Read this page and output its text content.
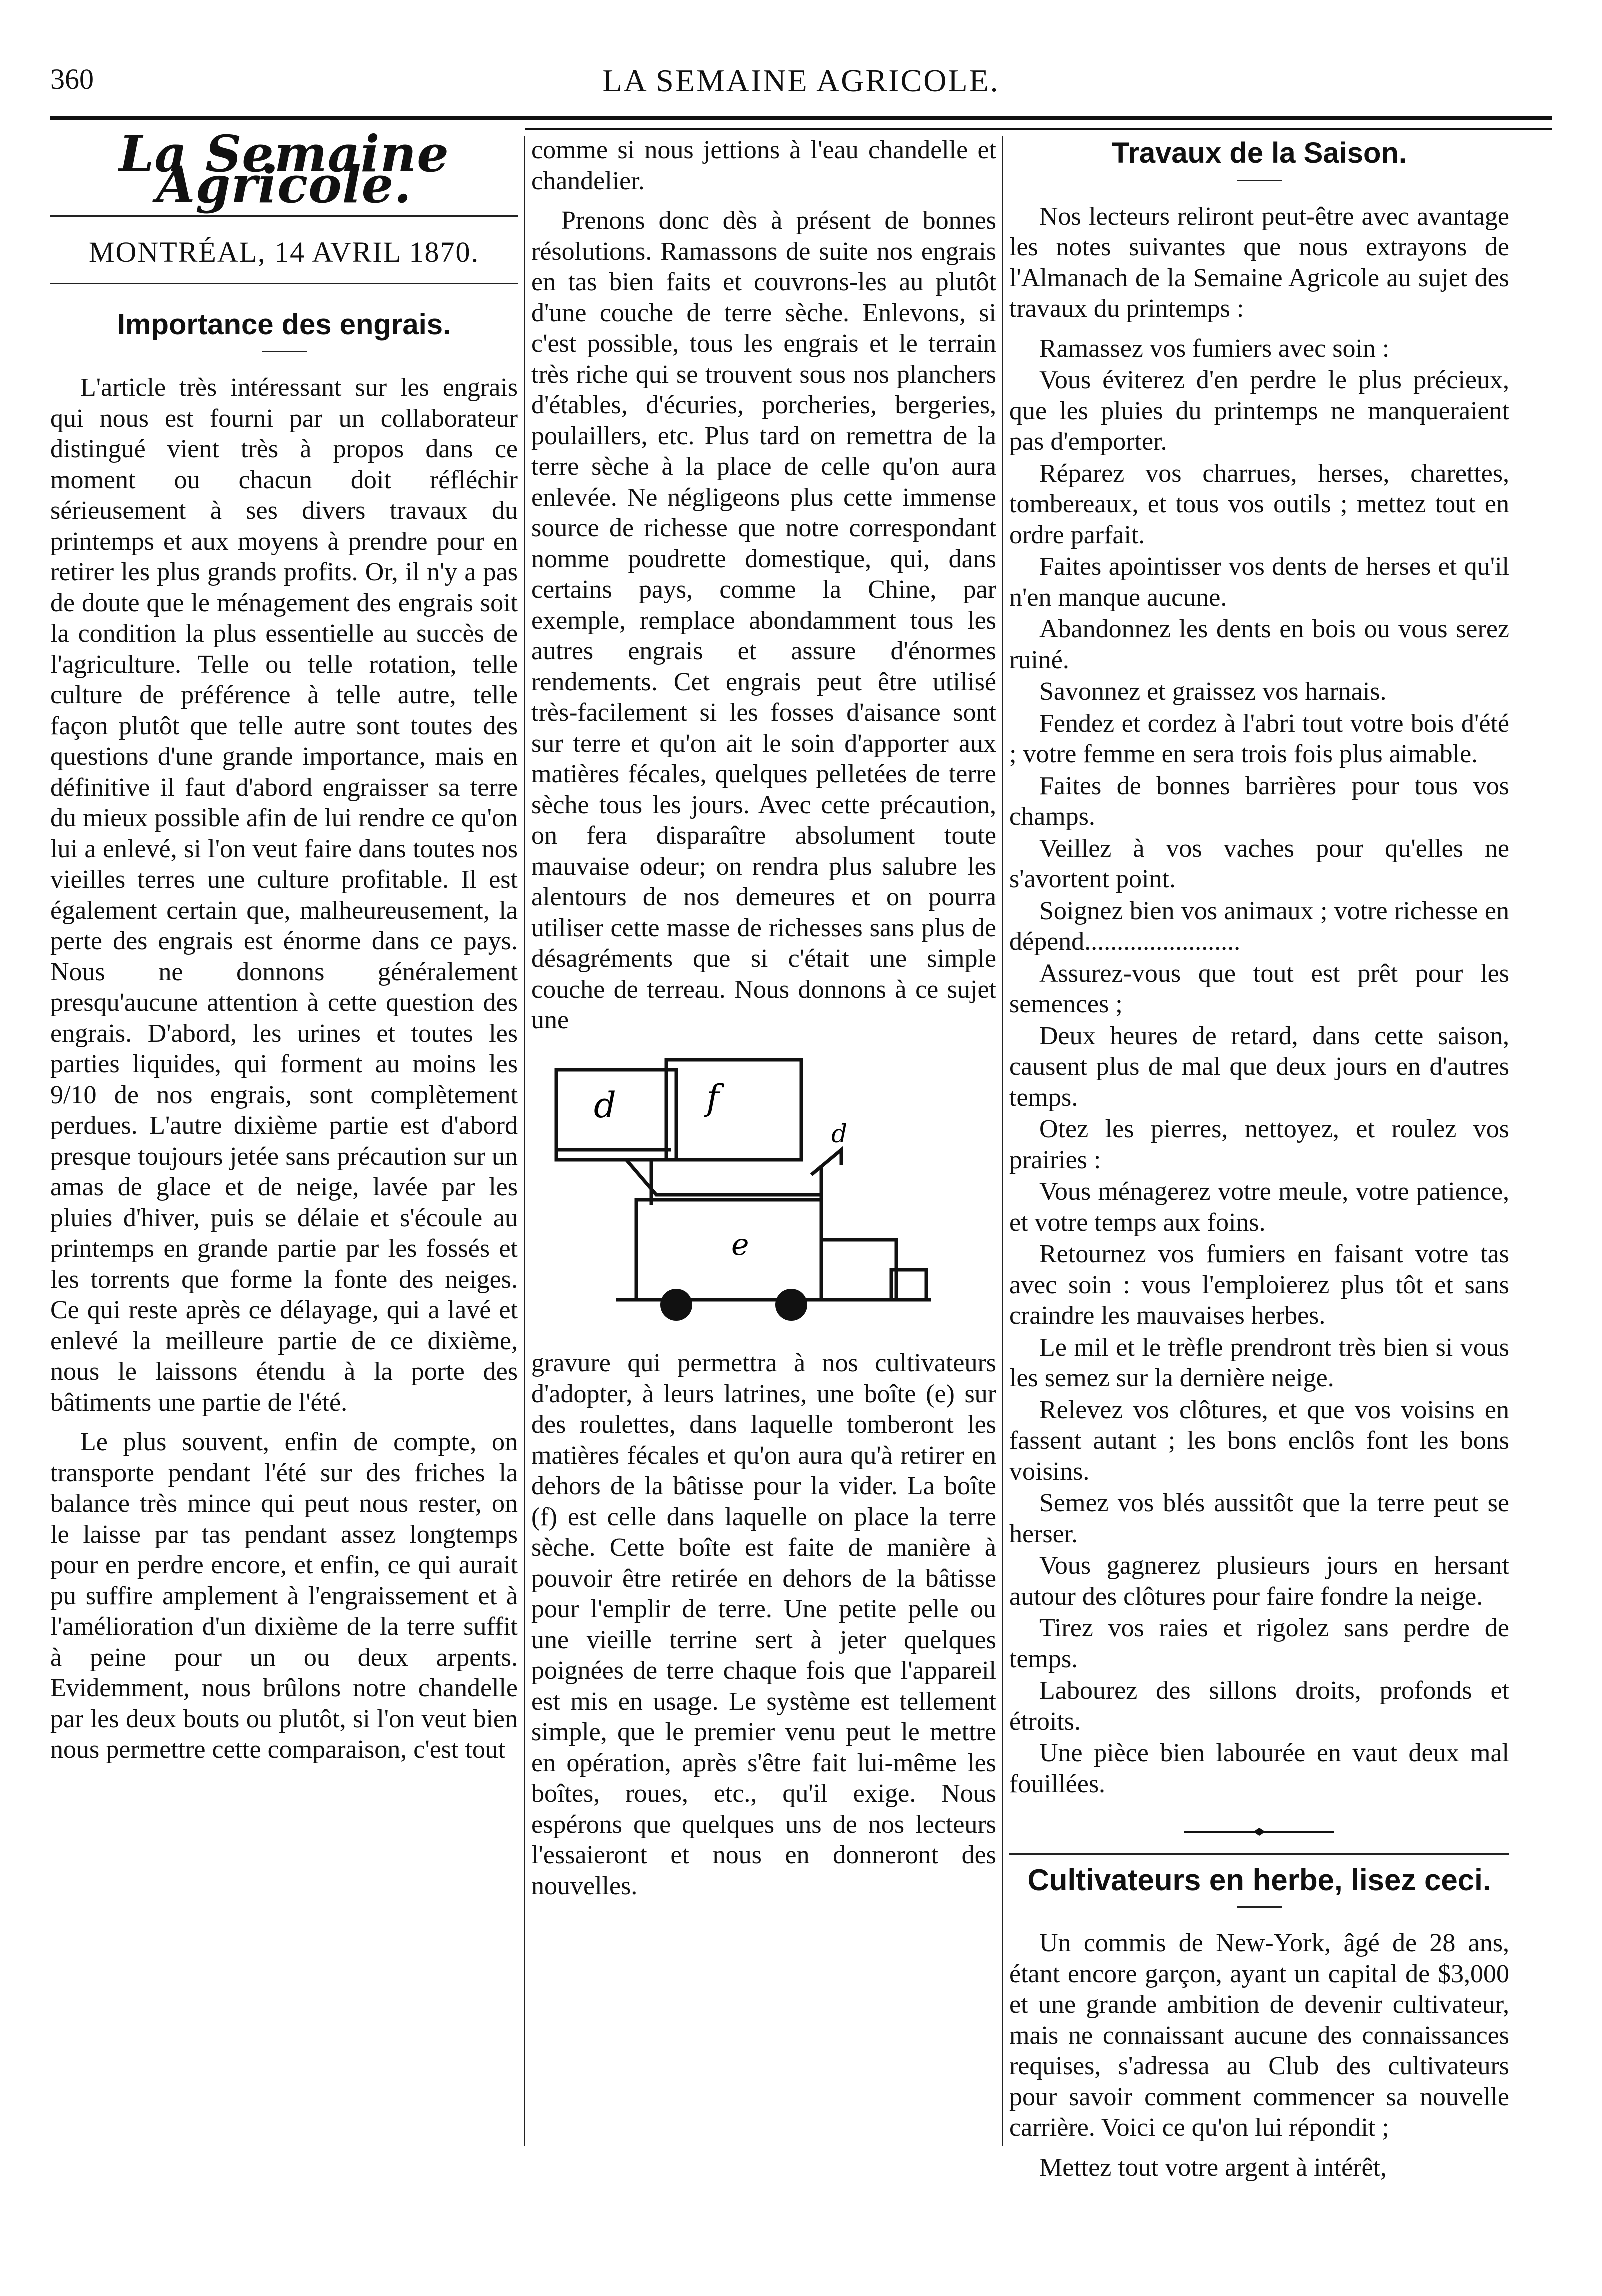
360	LA SEMAINE AGRICOLE.
La Semaine Agricole.
MONTRÉAL, 14 AVRIL 1870.
Importance des engrais.

L'article très intéressant sur les engrais qui nous est fourni par un collaborateur distingué vient très à propos dans ce moment ou chacun doit réfléchir sérieusement à ses divers travaux du printemps et aux moyens à prendre pour en retirer les plus grands profits. Or, il n'y a pas de doute que le ménagement des engrais soit la condition la plus essentielle au succès de l'agriculture. Telle ou telle rotation, telle culture de préférence à telle autre, telle façon plutôt que telle autre sont toutes des questions d'une grande importance, mais en définitive il faut d'abord engraisser sa terre du mieux possible afin de lui rendre ce qu'on lui a enlevé, si l'on veut faire dans toutes nos vieilles terres une culture profitable. Il est également certain que, malheureusement, la perte des engrais est énorme dans ce pays. Nous ne donnons généralement presqu'aucune attention à cette question des engrais. D'abord, les urines et toutes les parties liquides, qui forment au moins les 9/10 de nos engrais, sont complètement perdues. L'autre dixième partie est d'abord presque toujours jetée sans précaution sur un amas de glace et de neige, lavée par les pluies d'hiver, puis se délaie et s'écoule au printemps en grande partie par les fossés et les torrents que forme la fonte des neiges. Ce qui reste après ce délayage, qui a lavé et enlevé la meilleure partie de ce dixième, nous le laissons étendu à la porte des bâtiments une partie de l'été.

Le plus souvent, enfin de compte, on transporte pendant l'été sur des friches la balance très mince qui peut nous rester, on le laisse par tas pendant assez longtemps pour en perdre encore, et enfin, ce qui aurait pu suffire amplement à l'engraissement et à l'amélioration d'un dixième de la terre suffit à peine pour un ou deux arpents. Evidemment, nous brûlons notre chandelle par les deux bouts ou plutôt, si l'on veut bien nous permettre cette comparaison, c'est tout

comme si nous jettions à l'eau chandelle et chandelier.

Prenons donc dès à présent de bonnes résolutions. Ramassons de suite nos engrais en tas bien faits et couvrons-les au plutôt d'une couche de terre sèche. Enlevons, si c'est possible, tous les engrais et le terrain très riche qui se trouvent sous nos planchers d'étables, d'écuries, porcheries, bergeries, poulaillers, etc. Plus tard on remettra de la terre sèche à la place de celle qu'on aura enlevée. Ne négligeons plus cette immense source de richesse que notre correspondant nomme poudrette domestique, qui, dans certains pays, comme la Chine, par exemple, remplace abondamment tous les autres engrais et assure d'énormes rendements. Cet engrais peut être utilisé très-facilement si les fosses d'aisance sont sur terre et qu'on ait le soin d'apporter aux matières fécales, quelques pelletées de terre sèche tous les jours. Avec cette précaution, on fera disparaître absolument toute mauvaise odeur; on rendra plus salubre les alentours de nos demeures et on pourra utiliser cette masse de richesses sans plus de désagréments que si c'était une simple couche de terreau. Nous donnons à ce sujet une

d	f
e
d

gravure qui permettra à nos cultivateurs d'adopter, à leurs latrines, une boîte (e) sur des roulettes, dans laquelle tomberont les matières fécales et qu'on aura qu'à retirer en dehors de la bâtisse pour la vider. La boîte (f) est celle dans laquelle on place la terre sèche. Cette boîte est faite de manière à pouvoir être retirée en dehors de la bâtisse pour l'emplir de terre. Une petite pelle ou une vieille terrine sert à jeter quelques poignées de terre chaque fois que l'appareil est mis en usage. Le système est tellement simple, que le premier venu peut le mettre en opération, après s'être fait lui-même les boîtes, roues, etc., qu'il exige. Nous espérons que quelques uns de nos lecteurs l'essaieront et nous en donneront des nouvelles.

Travaux de la Saison.

Nos lecteurs reliront peut-être avec avantage les notes suivantes que nous extrayons de l'Almanach de la Semaine Agricole au sujet des travaux du printemps :

Ramassez vos fumiers avec soin :

Vous éviterez d'en perdre le plus précieux, que les pluies du printemps ne manqueraient pas d'emporter.

Réparez vos charrues, herses, charettes, tombereaux, et tous vos outils ; mettez tout en ordre parfait.

Faites apointisser vos dents de herses et qu'il n'en manque aucune.

Abandonnez les dents en bois ou vous serez ruiné.

Savonnez et graissez vos harnais.

Fendez et cordez à l'abri tout votre bois d'été ; votre femme en sera trois fois plus aimable.

Faites de bonnes barrières pour tous vos champs.

Veillez à vos vaches pour qu'elles ne s'avortent point.

Soignez bien vos animaux ; votre richesse en dépend........................

Assurez-vous que tout est prêt pour les semences ;

Deux heures de retard, dans cette saison, causent plus de mal que deux jours en d'autres temps.

Otez les pierres, nettoyez, et roulez vos prairies :

Vous ménagerez votre meule, votre patience, et votre temps aux foins.

Retournez vos fumiers en faisant votre tas avec soin : vous l'emploierez plus tôt et sans craindre les mauvaises herbes.

Le mil et le trèfle prendront très bien si vous les semez sur la dernière neige.

Relevez vos clôtures, et que vos voisins en fassent autant ; les bons enclôs font les bons voisins.

Semez vos blés aussitôt que la terre peut se herser.

Vous gagnerez plusieurs jours en hersant autour des clôtures pour faire fondre la neige.

Tirez vos raies et rigolez sans perdre de temps.

Labourez des sillons droits, profonds et étroits.

Une pièce bien labourée en vaut deux mal fouillées.

Cultivateurs en herbe, lisez ceci.

Un commis de New-York, âgé de 28 ans, étant encore garçon, ayant un capital de $3,000 et une grande ambition de devenir cultivateur, mais ne connaissant aucune des connaissances requises, s'adressa au Club des cultivateurs pour savoir comment commencer sa nouvelle carrière. Voici ce qu'on lui répondit ;

Mettez tout votre argent à intérêt,
